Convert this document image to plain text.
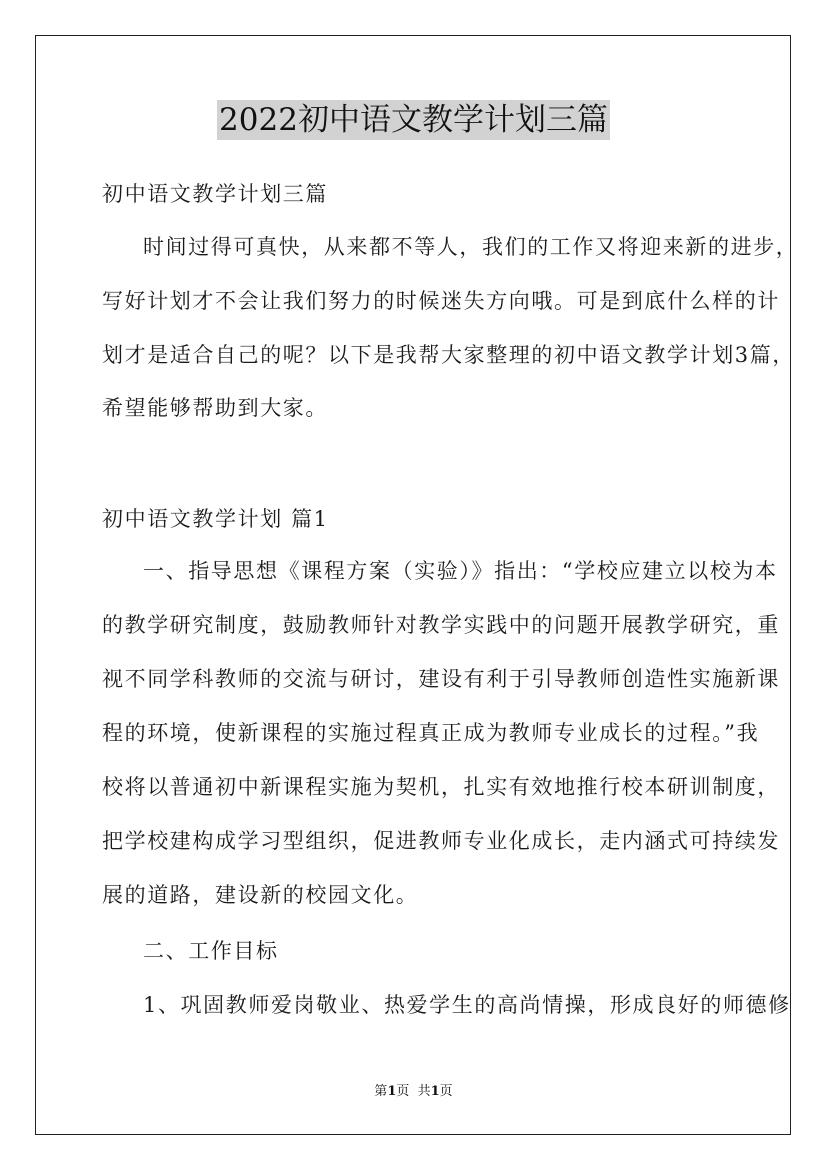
2022初中语文教学计划三篇
初中语文教学计划三篇
时间过得可真快，从来都不等人，我们的工作又将迎来新的进步，
写好计划才不会让我们努力的时候迷失方向哦。可是到底什么样的计
划才是适合自己的呢？以下是我帮大家整理的初中语文教学计划3篇，
希望能够帮助到大家。
初中语文教学计划 篇1
一、指导思想《课程方案（实验）》指出：“学校应建立以校为本
的教学研究制度，鼓励教师针对教学实践中的问题开展教学研究，重
视不同学科教师的交流与研讨，建设有利于引导教师创造性实施新课
程的环境，使新课程的实施过程真正成为教师专业成长的过程。”我
校将以普通初中新课程实施为契机，扎实有效地推行校本研训制度，
把学校建构成学习型组织，促进教师专业化成长，走内涵式可持续发
展的道路，建设新的校园文化。
二、工作目标
1、巩固教师爱岗敬业、热爱学生的高尚情操，形成良好的师德修
第1页  共1页
